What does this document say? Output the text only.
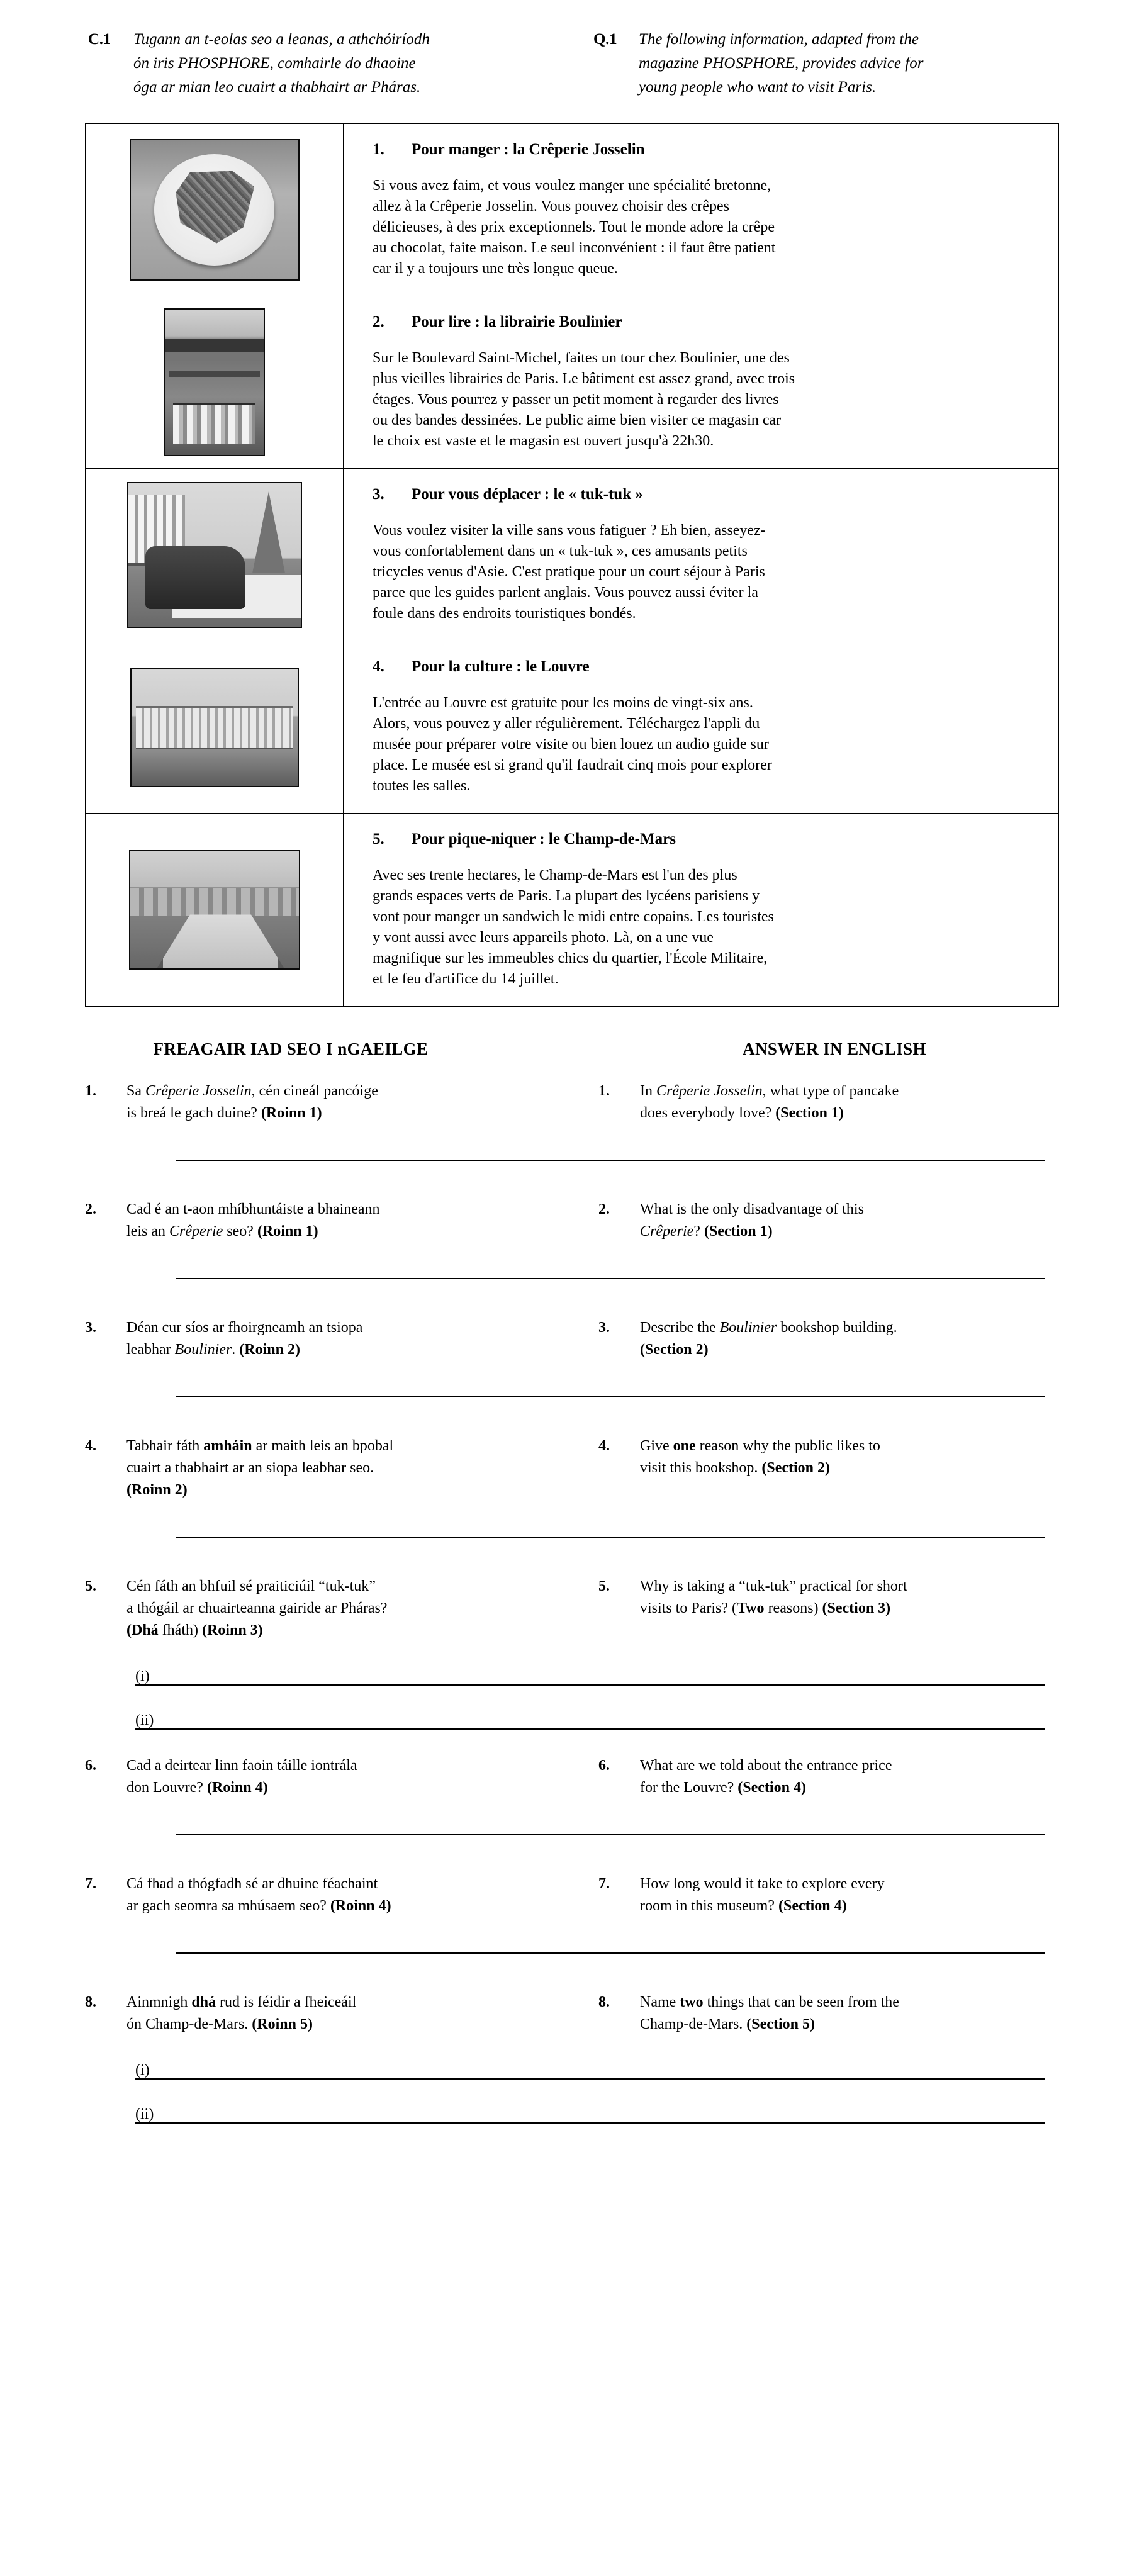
C.1	Tugann an t-eolas seo a leanas, a athchóiríodh
ón iris PHOSPHORE, comhairle do dhaoine
óga ar mian leo cuairt a thabhairt ar Pháras.
Q.1	The following information, adapted from the
magazine PHOSPHORE, provides advice for
young people who want to visit Paris.
1.	Pour manger : la Crêperie Josselin
Si vous avez faim, et vous voulez manger une spécialité bretonne,
allez à la Crêperie Josselin. Vous pouvez choisir des crêpes
délicieuses, à des prix exceptionnels. Tout le monde adore la crêpe
au chocolat, faite maison. Le seul inconvénient : il faut être patient
car il y a toujours une très longue queue.
2.	Pour lire : la librairie Boulinier
Sur le Boulevard Saint-Michel, faites un tour chez Boulinier, une des
plus vieilles librairies de Paris. Le bâtiment est assez grand, avec trois
étages. Vous pourrez y passer un petit moment à regarder des livres
ou des bandes dessinées. Le public aime bien visiter ce magasin car
le choix est vaste et le magasin est ouvert jusqu'à 22h30.
3.	Pour vous déplacer : le « tuk-tuk »
Vous voulez visiter la ville sans vous fatiguer ? Eh bien, asseyez-
vous confortablement dans un « tuk-tuk », ces amusants petits
tricycles venus d'Asie. C'est pratique pour un court séjour à Paris
parce que les guides parlent anglais. Vous pouvez aussi éviter la
foule dans des endroits touristiques bondés.
4.	Pour la culture : le Louvre
L'entrée au Louvre est gratuite pour les moins de vingt-six ans.
Alors, vous pouvez y aller régulièrement. Téléchargez l'appli du
musée pour préparer votre visite ou bien louez un audio guide sur
place. Le musée est si grand qu'il faudrait cinq mois pour explorer
toutes les salles.
5.	Pour pique-niquer : le Champ-de-Mars
Avec ses trente hectares, le Champ-de-Mars est l'un des plus
grands espaces verts de Paris. La plupart des lycéens parisiens y
vont pour manger un sandwich le midi entre copains. Les touristes
y vont aussi avec leurs appareils photo. Là, on a une vue
magnifique sur les immeubles chics du quartier, l'École Militaire,
et le feu d'artifice du 14 juillet.
FREAGAIR IAD SEO I nGAEILGE	ANSWER IN ENGLISH
1.	Sa Crêperie Josselin, cén cineál pancóige
is breá le gach duine? (Roinn 1)
1.	In Crêperie Josselin, what type of pancake
does everybody love? (Section 1)
2.	Cad é an t-aon mhíbhuntáiste a bhaineann
leis an Crêperie seo? (Roinn 1)
2.	What is the only disadvantage of this
Crêperie? (Section 1)
3.	Déan cur síos ar fhoirgneamh an tsiopa
leabhar Boulinier. (Roinn 2)
3.	Describe the Boulinier bookshop building.
(Section 2)
4.	Tabhair fáth amháin ar maith leis an bpobal
cuairt a thabhairt ar an siopa leabhar seo.
(Roinn 2)
4.	Give one reason why the public likes to
visit this bookshop. (Section 2)
5.	Cén fáth an bhfuil sé praiticiúil “tuk-tuk”
a thógáil ar chuairteanna gairide ar Pháras?
(Dhá fháth) (Roinn 3)
5.	Why is taking a “tuk-tuk” practical for short
visits to Paris? (Two reasons) (Section 3)
(i)
(ii)
6.	Cad a deirtear linn faoin táille iontrála
don Louvre? (Roinn 4)
6.	What are we told about the entrance price
for the Louvre? (Section 4)
7.	Cá fhad a thógfadh sé ar dhuine féachaint
ar gach seomra sa mhúsaem seo? (Roinn 4)
7.	How long would it take to explore every
room in this museum? (Section 4)
8.	Ainmnigh dhá rud is féidir a fheiceáil
ón Champ-de-Mars. (Roinn 5)
8.	Name two things that can be seen from the
Champ-de-Mars. (Section 5)
(i)
(ii)
